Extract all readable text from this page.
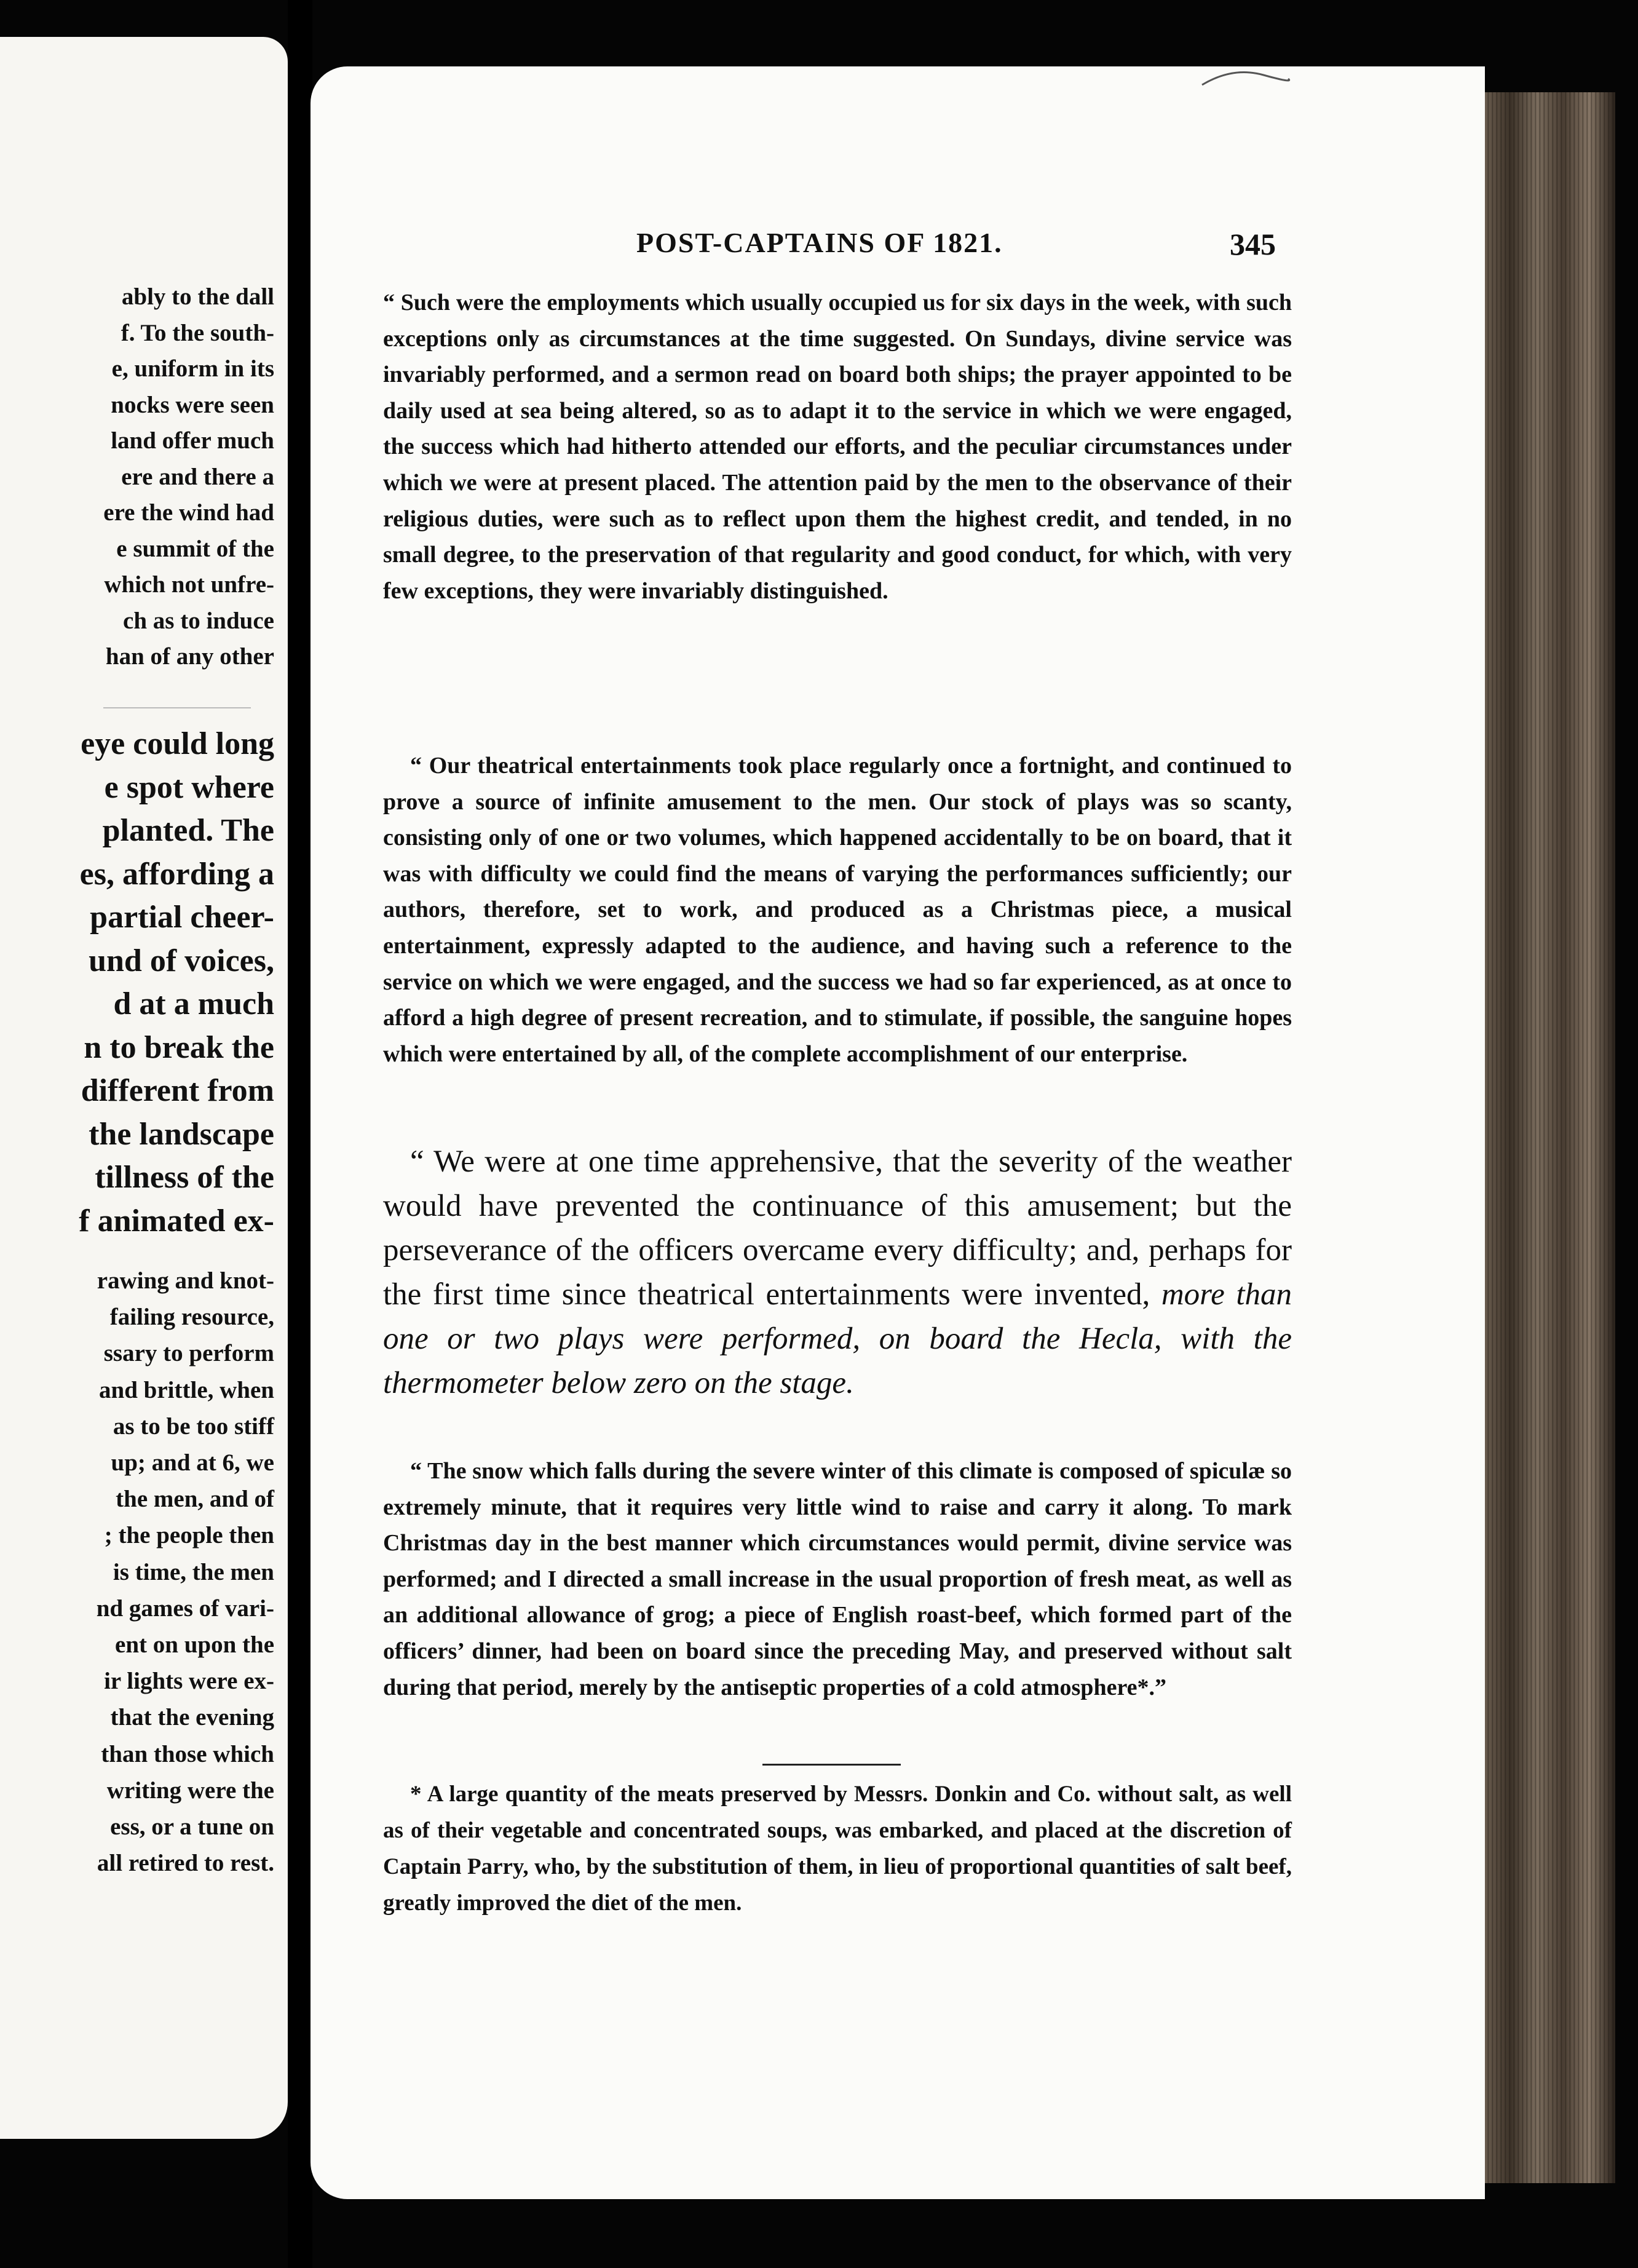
ably to the dall
f. To the south-
e, uniform in its
nocks were seen
land offer much
ere and there a
ere the wind had
e summit of the
which not unfre-
ch as to induce
han of any other
eye could long
e spot where
planted. The
es, affording a
partial cheer-
und of voices,
d at a much
n to break the
different from
the landscape
tillness of the
f animated ex-
rawing and knot-
failing resource,
ssary to perform
and brittle, when
as to be too stiff
up; and at 6, we
the men, and of
; the people then
is time, the men
nd games of vari-
ent on upon the
ir lights were ex-
that the evening
than those which
writing were the
ess, or a tune on
all retired to rest.
POST-CAPTAINS OF 1821.	345

“ Such were the employments which usually occupied us for six days in the week, with such exceptions only as circumstances at the time suggested. On Sundays, divine service was invariably performed, and a sermon read on board both ships; the prayer appointed to be daily used at sea being altered, so as to adapt it to the service in which we were engaged, the success which had hitherto attended our efforts, and the peculiar circumstances under which we were at present placed. The attention paid by the men to the observance of their religious duties, were such as to reflect upon them the highest credit, and tended, in no small degree, to the preservation of that regularity and good conduct, for which, with very few exceptions, they were invariably distinguished.

“ Our theatrical entertainments took place regularly once a fortnight, and continued to prove a source of infinite amusement to the men. Our stock of plays was so scanty, consisting only of one or two volumes, which happened accidentally to be on board, that it was with difficulty we could find the means of varying the performances sufficiently; our authors, therefore, set to work, and produced as a Christmas piece, a musical entertainment, expressly adapted to the audience, and having such a reference to the service on which we were engaged, and the success we had so far experienced, as at once to afford a high degree of present recreation, and to stimulate, if possible, the sanguine hopes which were entertained by all, of the complete accomplishment of our enterprise.

“ We were at one time apprehensive, that the severity of the weather would have prevented the continuance of this amusement; but the perseverance of the officers overcame every difficulty; and, perhaps for the first time since theatrical entertainments were invented, more than one or two plays were performed, on board the Hecla, with the thermometer below zero on the stage.

“ The snow which falls during the severe winter of this climate is composed of spiculæ so extremely minute, that it requires very little wind to raise and carry it along. To mark Christmas day in the best manner which circumstances would permit, divine service was performed; and I directed a small increase in the usual proportion of fresh meat, as well as an additional allowance of grog; a piece of English roast-beef, which formed part of the officers’ dinner, had been on board since the preceding May, and preserved without salt during that period, merely by the antiseptic properties of a cold atmosphere*.”

* A large quantity of the meats preserved by Messrs. Donkin and Co. without salt, as well as of their vegetable and concentrated soups, was embarked, and placed at the discretion of Captain Parry, who, by the substitution of them, in lieu of proportional quantities of salt beef, greatly improved the diet of the men.
